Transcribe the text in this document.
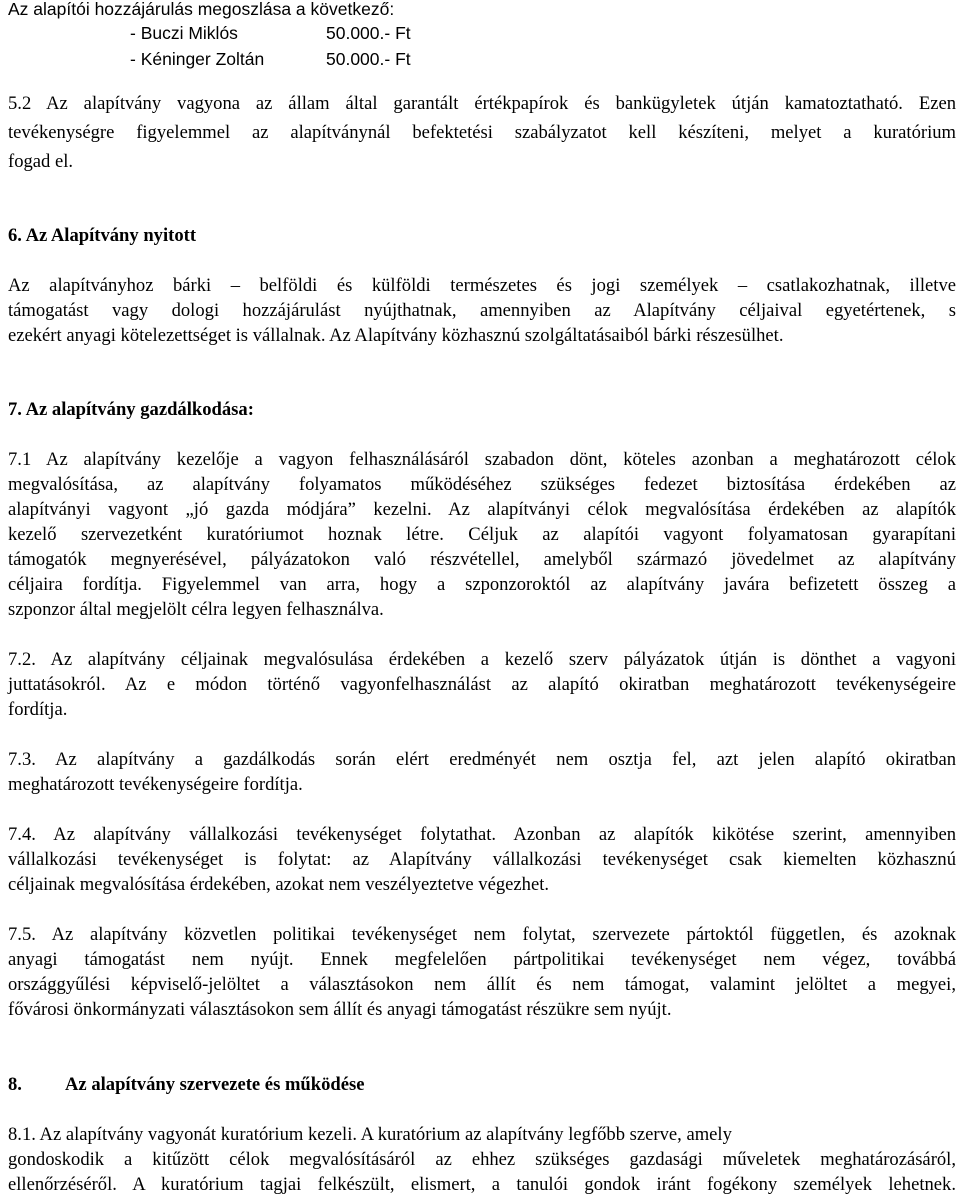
Az alapítói hozzájárulás megoszlása a következő:
- Buczi Miklós	50.000.- Ft
- Kéninger Zoltán	50.000.- Ft
5.2 Az alapítvány vagyona az állam által garantált értékpapírok és bankügyletek útján kamatoztatható. Ezen
tevékenységre figyelemmel az alapítványnál befektetési szabályzatot kell készíteni, melyet a kuratórium
fogad el.
6. Az Alapítvány nyitott
Az alapítványhoz bárki – belföldi és külföldi természetes és jogi személyek – csatlakozhatnak, illetve
támogatást vagy dologi hozzájárulást nyújthatnak, amennyiben az Alapítvány céljaival egyetértenek, s
ezekért anyagi kötelezettséget is vállalnak. Az Alapítvány közhasznú szolgáltatásaiból bárki részesülhet.
7. Az alapítvány gazdálkodása:
7.1 Az alapítvány kezelője a vagyon felhasználásáról szabadon dönt, köteles azonban a meghatározott célok
megvalósítása, az alapítvány folyamatos működéséhez szükséges fedezet biztosítása érdekében az
alapítványi vagyont „jó gazda módjára” kezelni. Az alapítványi célok megvalósítása érdekében az alapítók
kezelő szervezetként kuratóriumot hoznak létre. Céljuk az alapítói vagyont folyamatosan gyarapítani
támogatók megnyerésével, pályázatokon való részvétellel, amelyből származó jövedelmet az alapítvány
céljaira fordítja. Figyelemmel van arra, hogy a szponzoroktól az alapítvány javára befizetett összeg a
szponzor által megjelölt célra legyen felhasználva.
7.2. Az alapítvány céljainak megvalósulása érdekében a kezelő szerv pályázatok útján is dönthet a vagyoni
juttatásokról. Az e módon történő vagyonfelhasználást az alapító okiratban meghatározott tevékenységeire
fordítja.
7.3. Az alapítvány a gazdálkodás során elért eredményét nem osztja fel, azt jelen alapító okiratban
meghatározott tevékenységeire fordítja.
7.4. Az alapítvány vállalkozási tevékenységet folytathat. Azonban az alapítók kikötése szerint, amennyiben
vállalkozási tevékenységet is folytat: az Alapítvány vállalkozási tevékenységet csak kiemelten közhasznú
céljainak megvalósítása érdekében, azokat nem veszélyeztetve végezhet.
7.5. Az alapítvány közvetlen politikai tevékenységet nem folytat, szervezete pártoktól független, és azoknak
anyagi támogatást nem nyújt. Ennek megfelelően pártpolitikai tevékenységet nem végez, továbbá
országgyűlési képviselő-jelöltet a választásokon nem állít és nem támogat, valamint jelöltet a megyei,
fővárosi önkormányzati választásokon sem állít és anyagi támogatást részükre sem nyújt.
8. Az alapítvány szervezete és működése
8.1. Az alapítvány vagyonát kuratórium kezeli. A kuratórium az alapítvány legfőbb szerve, amely
gondoskodik a kitűzött célok megvalósításáról az ehhez szükséges gazdasági műveletek meghatározásáról,
ellenőrzéséről. A kuratórium tagjai felkészült, elismert, a tanulói gondok iránt fogékony személyek lehetnek.
